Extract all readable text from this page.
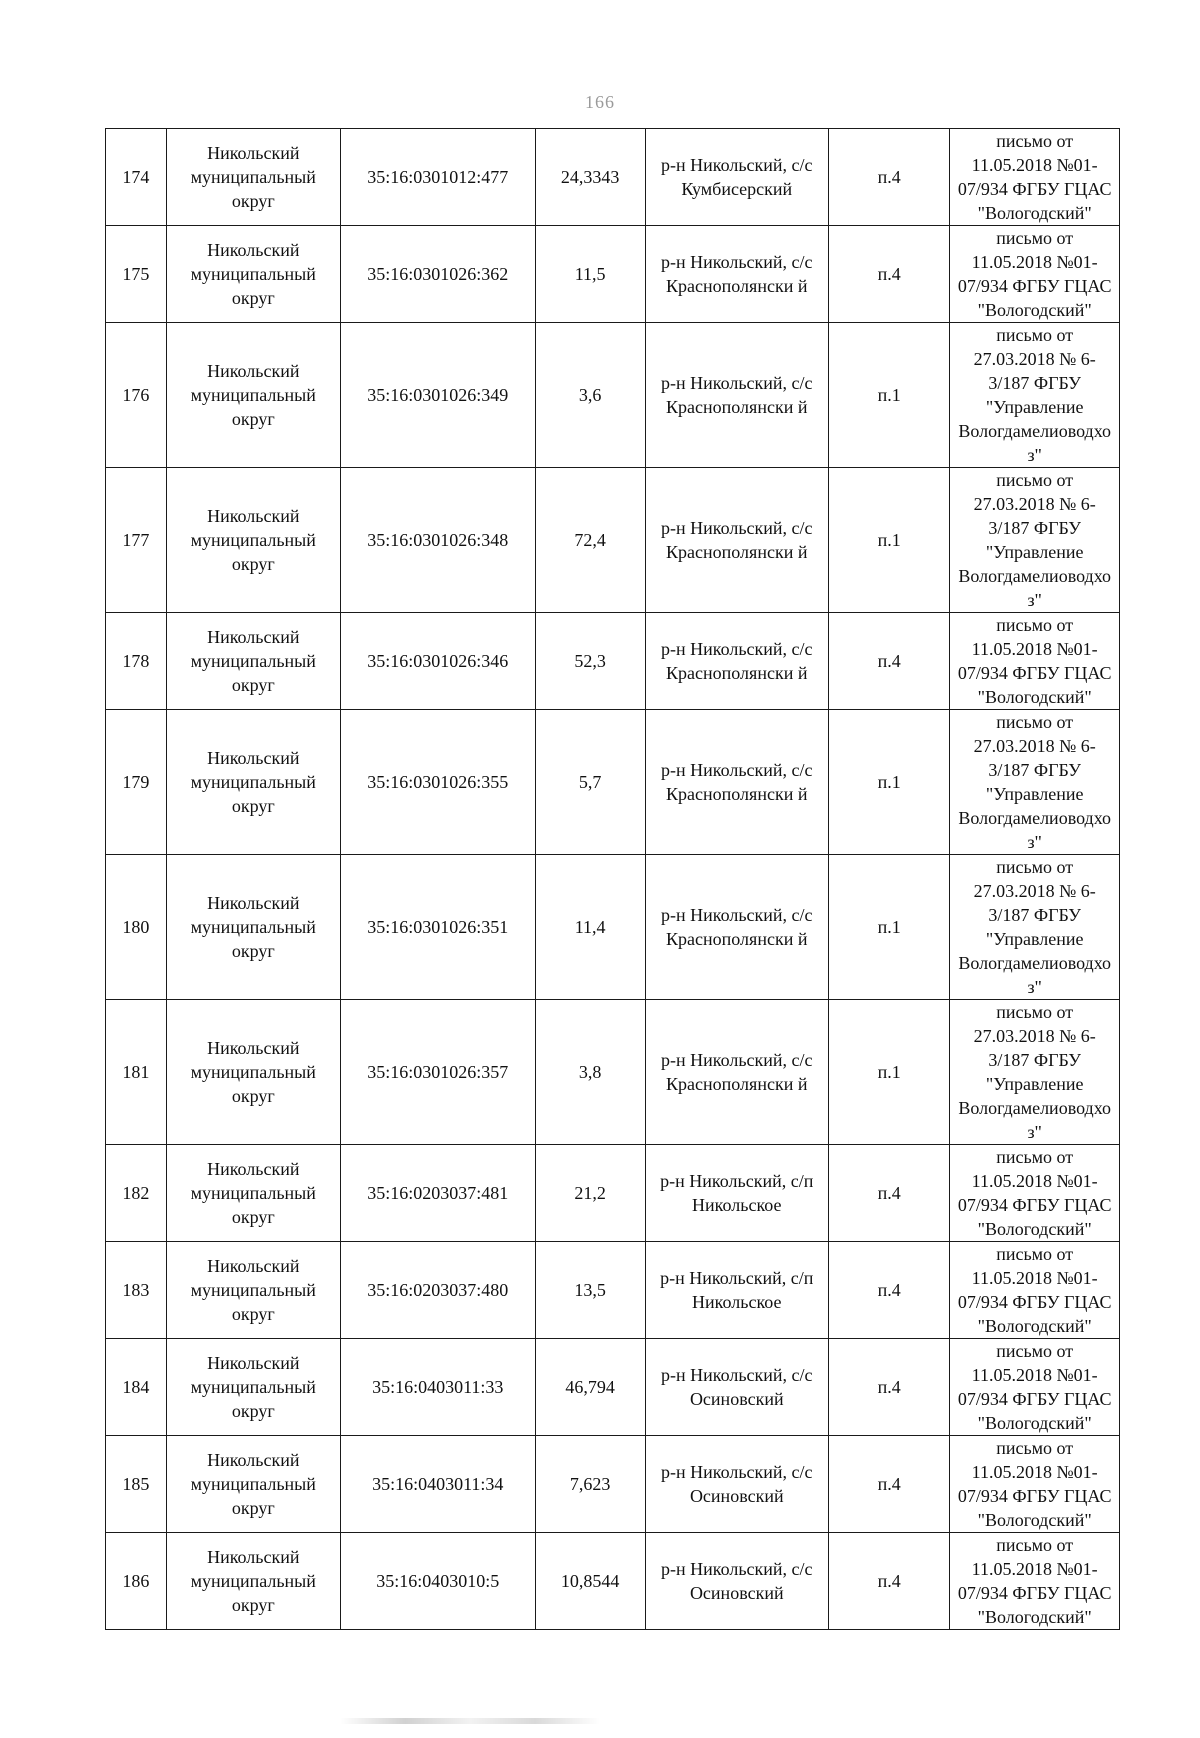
166
174	Никольский муниципальный округ	35:16:0301012:477	24,3343	р-н Никольский, с/с Кумбисерский	п.4	письмо от 11.05.2018 №01-07/934 ФГБУ ГЦАС "Вологодский"
175	Никольский муниципальный округ	35:16:0301026:362	11,5	р-н Никольский, с/с Краснополянски й	п.4	письмо от 11.05.2018 №01-07/934 ФГБУ ГЦАС "Вологодский"
176	Никольский муниципальный округ	35:16:0301026:349	3,6	р-н Никольский, с/с Краснополянски й	п.1	письмо от 27.03.2018 № 6-3/187 ФГБУ "Управление Вологдамелиоводхо з"
177	Никольский муниципальный округ	35:16:0301026:348	72,4	р-н Никольский, с/с Краснополянски й	п.1	письмо от 27.03.2018 № 6-3/187 ФГБУ "Управление Вологдамелиоводхо з"
178	Никольский муниципальный округ	35:16:0301026:346	52,3	р-н Никольский, с/с Краснополянски й	п.4	письмо от 11.05.2018 №01-07/934 ФГБУ ГЦАС "Вологодский"
179	Никольский муниципальный округ	35:16:0301026:355	5,7	р-н Никольский, с/с Краснополянски й	п.1	письмо от 27.03.2018 № 6-3/187 ФГБУ "Управление Вологдамелиоводхо з"
180	Никольский муниципальный округ	35:16:0301026:351	11,4	р-н Никольский, с/с Краснополянски й	п.1	письмо от 27.03.2018 № 6-3/187 ФГБУ "Управление Вологдамелиоводхо з"
181	Никольский муниципальный округ	35:16:0301026:357	3,8	р-н Никольский, с/с Краснополянски й	п.1	письмо от 27.03.2018 № 6-3/187 ФГБУ "Управление Вологдамелиоводхо з"
182	Никольский муниципальный округ	35:16:0203037:481	21,2	р-н Никольский, с/п Никольское	п.4	письмо от 11.05.2018 №01-07/934 ФГБУ ГЦАС "Вологодский"
183	Никольский муниципальный округ	35:16:0203037:480	13,5	р-н Никольский, с/п Никольское	п.4	письмо от 11.05.2018 №01-07/934 ФГБУ ГЦАС "Вологодский"
184	Никольский муниципальный округ	35:16:0403011:33	46,794	р-н Никольский, с/с Осиновский	п.4	письмо от 11.05.2018 №01-07/934 ФГБУ ГЦАС "Вологодский"
185	Никольский муниципальный округ	35:16:0403011:34	7,623	р-н Никольский, с/с Осиновский	п.4	письмо от 11.05.2018 №01-07/934 ФГБУ ГЦАС "Вологодский"
186	Никольский муниципальный округ	35:16:0403010:5	10,8544	р-н Никольский, с/с Осиновский	п.4	письмо от 11.05.2018 №01-07/934 ФГБУ ГЦАС "Вологодский"
